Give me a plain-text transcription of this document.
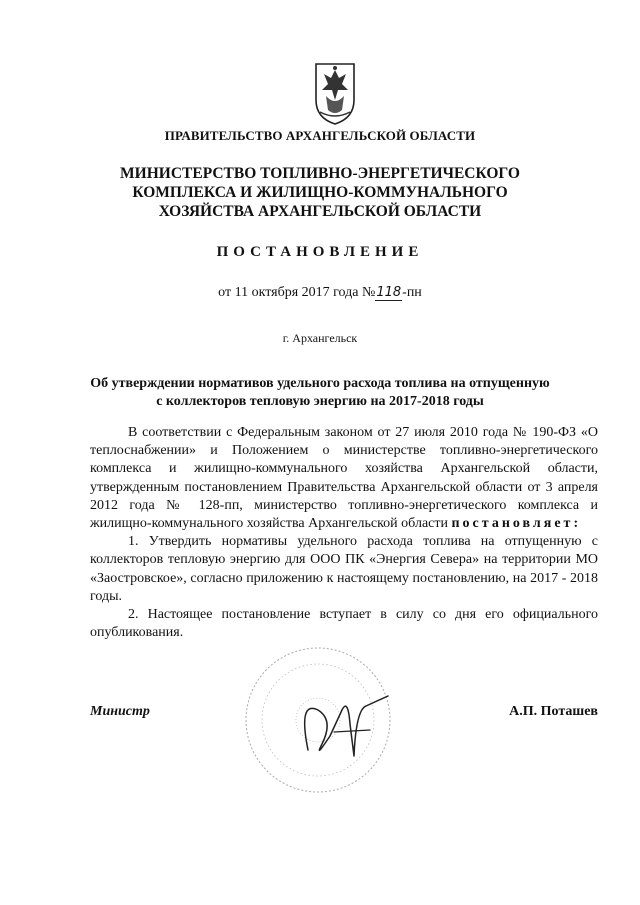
ПРАВИТЕЛЬСТВО АРХАНГЕЛЬСКОЙ ОБЛАСТИ
МИНИСТЕРСТВО ТОПЛИВНО-ЭНЕРГЕТИЧЕСКОГО
КОМПЛЕКСА И ЖИЛИЩНО-КОММУНАЛЬНОГО
ХОЗЯЙСТВА АРХАНГЕЛЬСКОЙ ОБЛАСТИ
ПОСТАНОВЛЕНИЕ
от 11 октября 2017 года №118-пн
г. Архангельск
Об утверждении нормативов удельного расхода топлива на отпущенную
с коллекторов тепловую энергию на 2017-2018 годы

В соответствии с Федеральным законом от 27 июля 2010 года № 190-ФЗ «О теплоснабжении» и Положением о министерстве топливно-энергетического комплекса и жилищно-коммунального хозяйства Архангельской области, утвержденным постановлением Правительства Архангельской области от 3 апреля 2012 года № 128-пп, министерство топливно-энергетического комплекса и жилищно-коммунального хозяйства Архангельской области постановляет:

1. Утвердить нормативы удельного расхода топлива на отпущенную с коллекторов тепловую энергию для ООО ПК «Энергия Севера» на территории МО «Заостровское», согласно приложению к настоящему постановлению, на 2017 - 2018 годы.

2. Настоящее постановление вступает в силу со дня его официального опубликования.

Министр	А.П. Поташев
